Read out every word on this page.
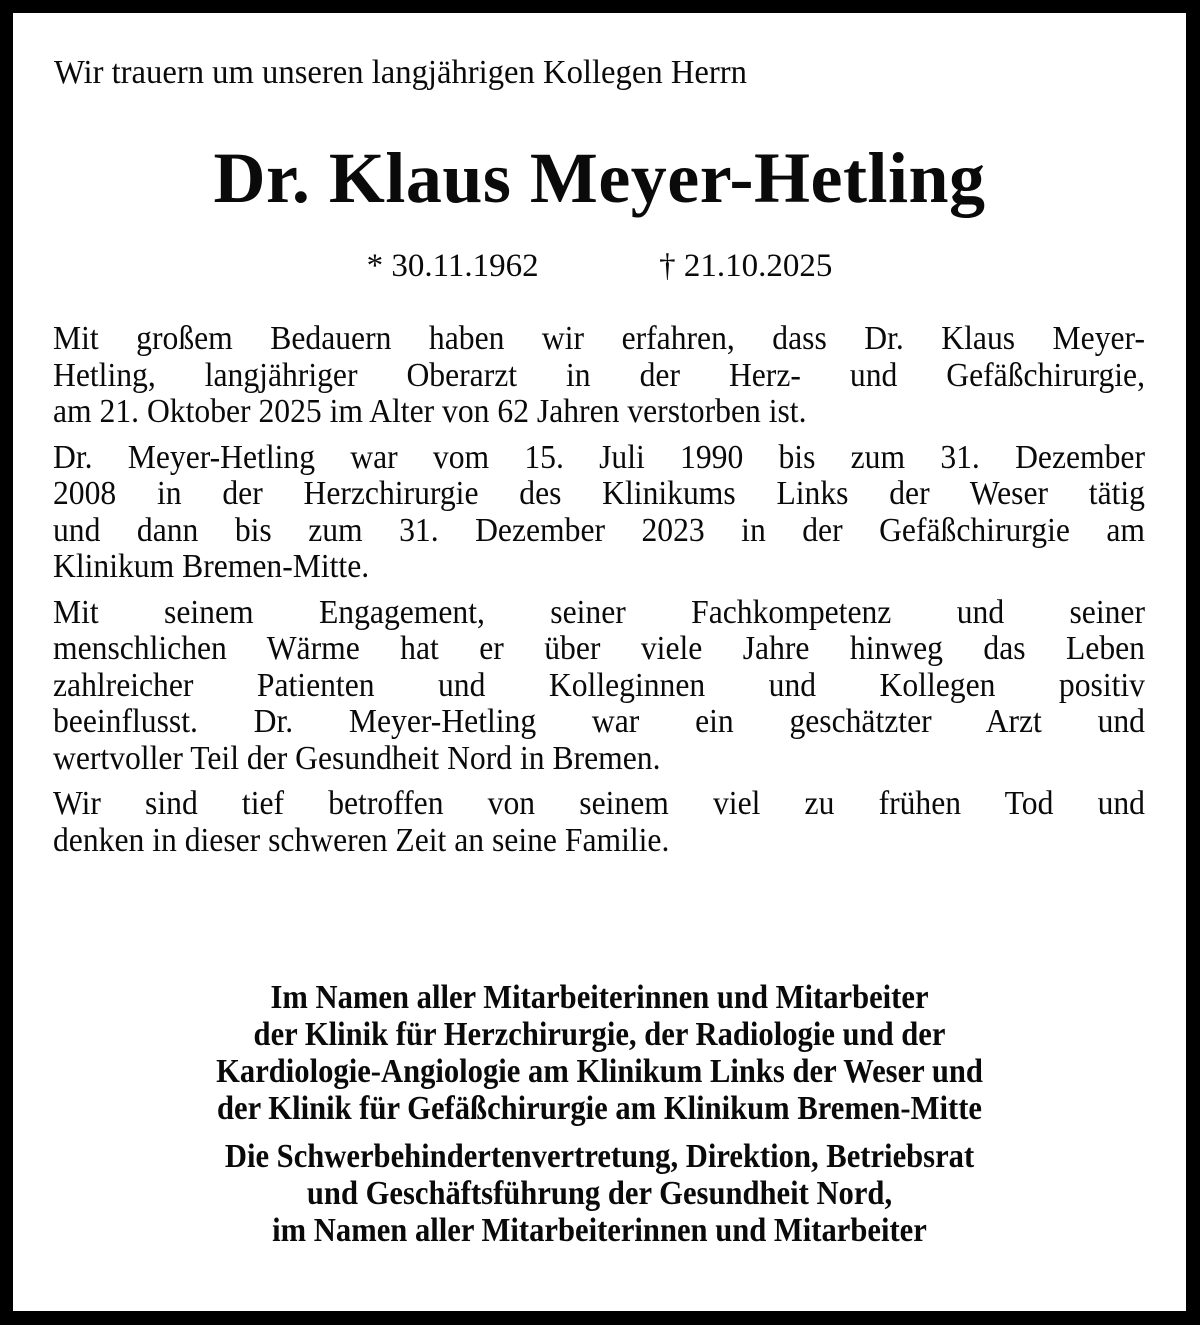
Wir trauern um unseren langjährigen Kollegen Herrn
Dr. Klaus Meyer-Hetling
* 30.11.1962	† 21.10.2025

Mit großem Bedauern haben wir erfahren, dass Dr. Klaus Meyer-
Hetling, langjähriger Oberarzt in der Herz- und Gefäßchirurgie,
am 21. Oktober 2025 im Alter von 62 Jahren verstorben ist.

Dr. Meyer-Hetling war vom 15. Juli 1990 bis zum 31. Dezember
2008 in der Herzchirurgie des Klinikums Links der Weser tätig
und dann bis zum 31. Dezember 2023 in der Gefäßchirurgie am
Klinikum Bremen-Mitte.

Mit seinem Engagement, seiner Fachkompetenz und seiner
menschlichen Wärme hat er über viele Jahre hinweg das Leben
zahlreicher Patienten und Kolleginnen und Kollegen positiv
beeinflusst. Dr. Meyer-Hetling war ein geschätzter Arzt und
wertvoller Teil der Gesundheit Nord in Bremen.

Wir sind tief betroffen von seinem viel zu frühen Tod und
denken in dieser schweren Zeit an seine Familie.

Im Namen aller Mitarbeiterinnen und Mitarbeiter
der Klinik für Herzchirurgie, der Radiologie und der
Kardiologie-Angiologie am Klinikum Links der Weser und
der Klinik für Gefäßchirurgie am Klinikum Bremen-Mitte
Die Schwerbehindertenvertretung, Direktion, Betriebsrat
und Geschäftsführung der Gesundheit Nord,
im Namen aller Mitarbeiterinnen und Mitarbeiter
